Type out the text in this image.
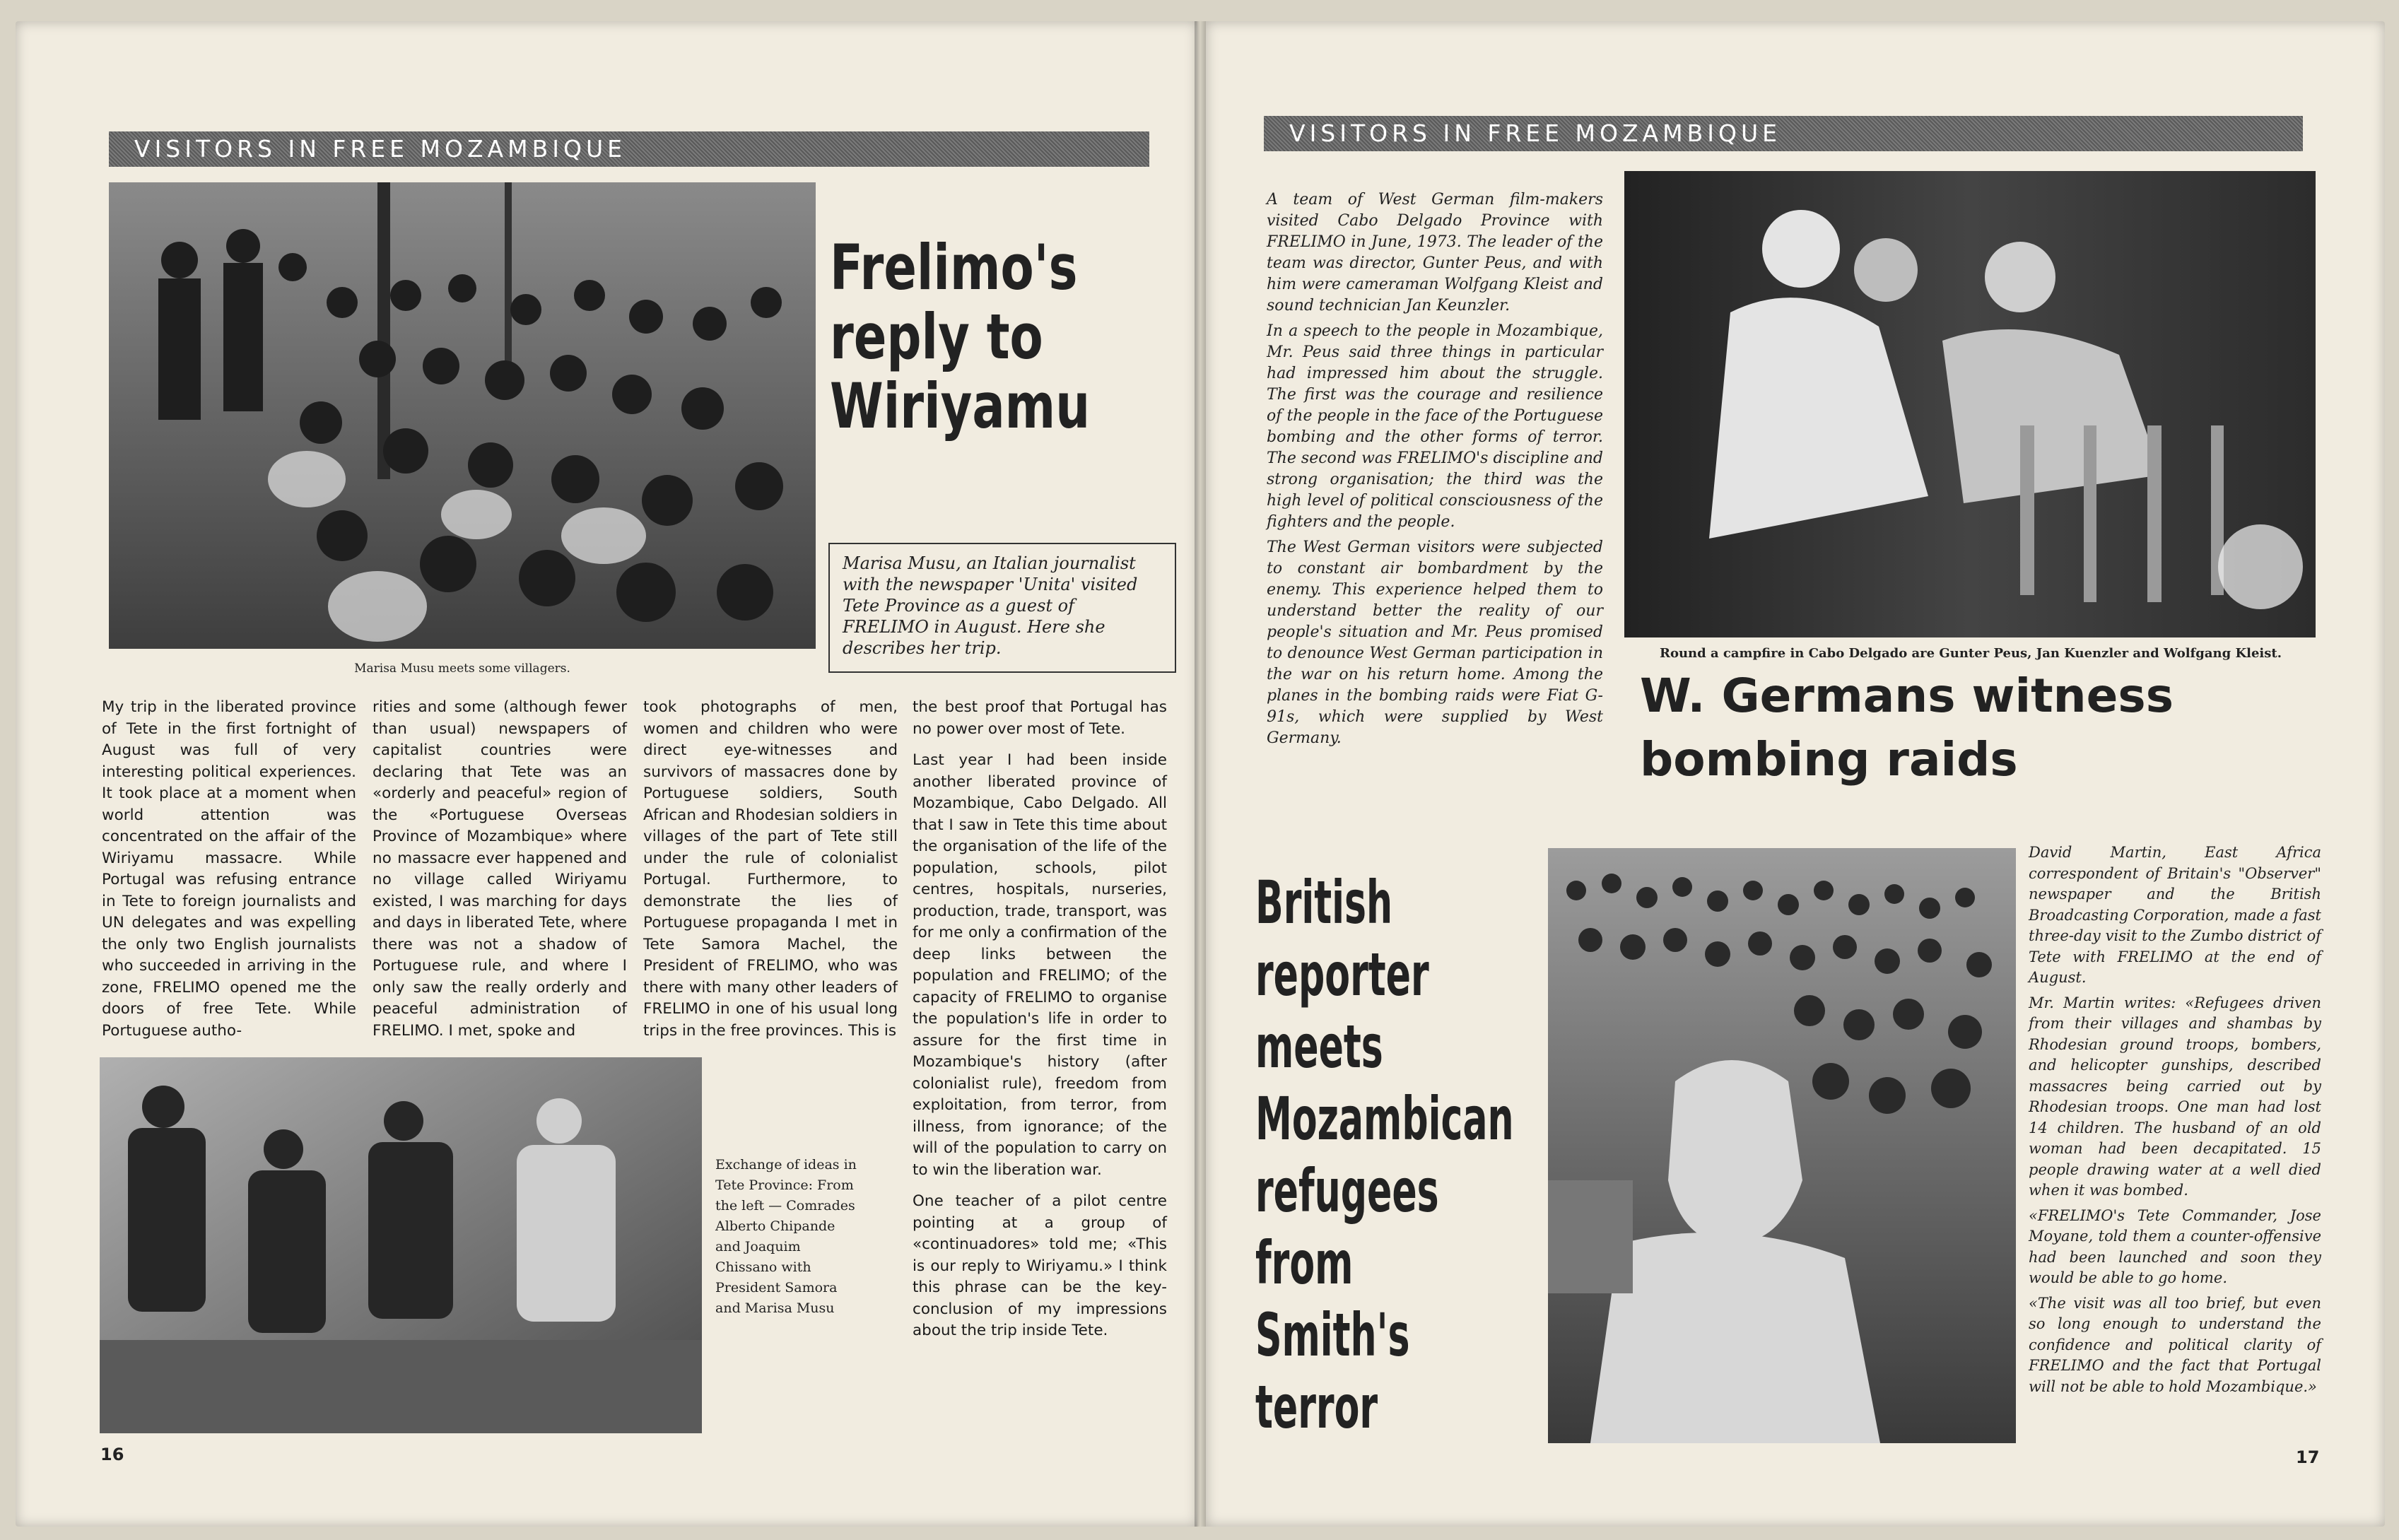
VISITORS IN FREE MOZAMBIQUE
Frelimo's
reply to
Wiriyamu
Marisa Musu, an Italian journalist with the newspaper 'Unita' visited Tete Province as a guest of FRELIMO in August. Here she describes her trip.
Marisa Musu meets some villagers.
My trip in the liberated province of Tete in the first fortnight of August was full of very interesting political experiences. It took place at a moment when world attention was concentrated on the affair of the Wiriyamu massacre. While Portugal was refusing entrance in Tete to foreign journalists and UN delegates and was expelling the only two English journalists who succeeded in arriving in the zone, FRELIMO opened me the doors of free Tete. While Portuguese autho-
rities and some (although fewer than usual) newspapers of capitalist countries were declaring that Tete was an «orderly and peaceful» region of the «Portuguese Overseas Province of Mozambique» where no massacre ever happened and no village called Wiriyamu existed, I was marching for days and days in liberated Tete, where there was not a shadow of Portuguese rule, and where I only saw the really orderly and peaceful administration of FRELIMO. I met, spoke and
took photographs of men, women and children who were direct eye-witnesses and survivors of massacres done by Portuguese soldiers, South African and Rhodesian soldiers in villages of the part of Tete still under the rule of colonialist Portugal. Furthermore, to demonstrate the lies of Portuguese propaganda I met in Tete Samora Machel, the President of FRELIMO, who was there with many other leaders of FRELIMO in one of his usual long trips in the free provinces. This is

the best proof that Portugal has no power over most of Tete.

Last year I had been inside another liberated province of Mozambique, Cabo Delgado. All that I saw in Tete this time about the organisation of the life of the population, schools, pilot centres, hospitals, nurseries, production, trade, transport, was for me only a confirmation of the deep links between the population and FRELIMO; of the capacity of FRELIMO to organise the population's life in order to assure for the first time in Mozambique's history (after colonialist rule), freedom from exploitation, from terror, from illness, from ignorance; of the will of the population to carry on to win the liberation war.

One teacher of a pilot centre pointing at a group of «continuadores» told me; «This is our reply to Wiriyamu.» I think this phrase can be the key-conclusion of my impressions about the trip inside Tete.

Exchange of ideas in Tete Province: From the left — Comrades Alberto Chipande and Joaquim Chissano with President Samora and Marisa Musu
16
VISITORS IN FREE MOZAMBIQUE

A team of West German film-makers visited Cabo Delgado Province with FRELIMO in June, 1973. The leader of the team was director, Gunter Peus, and with him were cameraman Wolfgang Kleist and sound technician Jan Keunzler.

In a speech to the people in Mozambique, Mr. Peus said three things in particular had impressed him about the struggle. The first was the courage and resilience of the people in the face of the Portuguese bombing and the other forms of terror. The second was FRELIMO's discipline and strong organisation; the third was the high level of political consciousness of the fighters and the people.

The West German visitors were subjected to constant air bombardment by the enemy. This experience helped them to understand better the reality of our people's situation and Mr. Peus promised to denounce West German participation in the war on his return home. Among the planes in the bombing raids were Fiat G-91s, which were supplied by West Germany.

Round a campfire in Cabo Delgado are Gunter Peus, Jan Kuenzler and Wolfgang Kleist.
W. Germans witness
bombing raids
British
reporter
meets
Mozambican
refugees
from
Smith's
terror

David Martin, East Africa correspondent of Britain's "Observer" newspaper and the British Broadcasting Corporation, made a fast three-day visit to the Zumbo district of Tete with FRELIMO at the end of August.

Mr. Martin writes: «Refugees driven from their villages and shambas by Rhodesian ground troops, bombers, and helicopter gunships, described massacres being carried out by Rhodesian troops. One man had lost 14 children. The husband of an old woman had been decapitated. 15 people drawing water at a well died when it was bombed.

«FRELIMO's Tete Commander, Jose Moyane, told them a counter-offensive had been launched and soon they would be able to go home.

«The visit was all too brief, but even so long enough to understand the confidence and political clarity of FRELIMO and the fact that Portugal will not be able to hold Mozambique.»

17
